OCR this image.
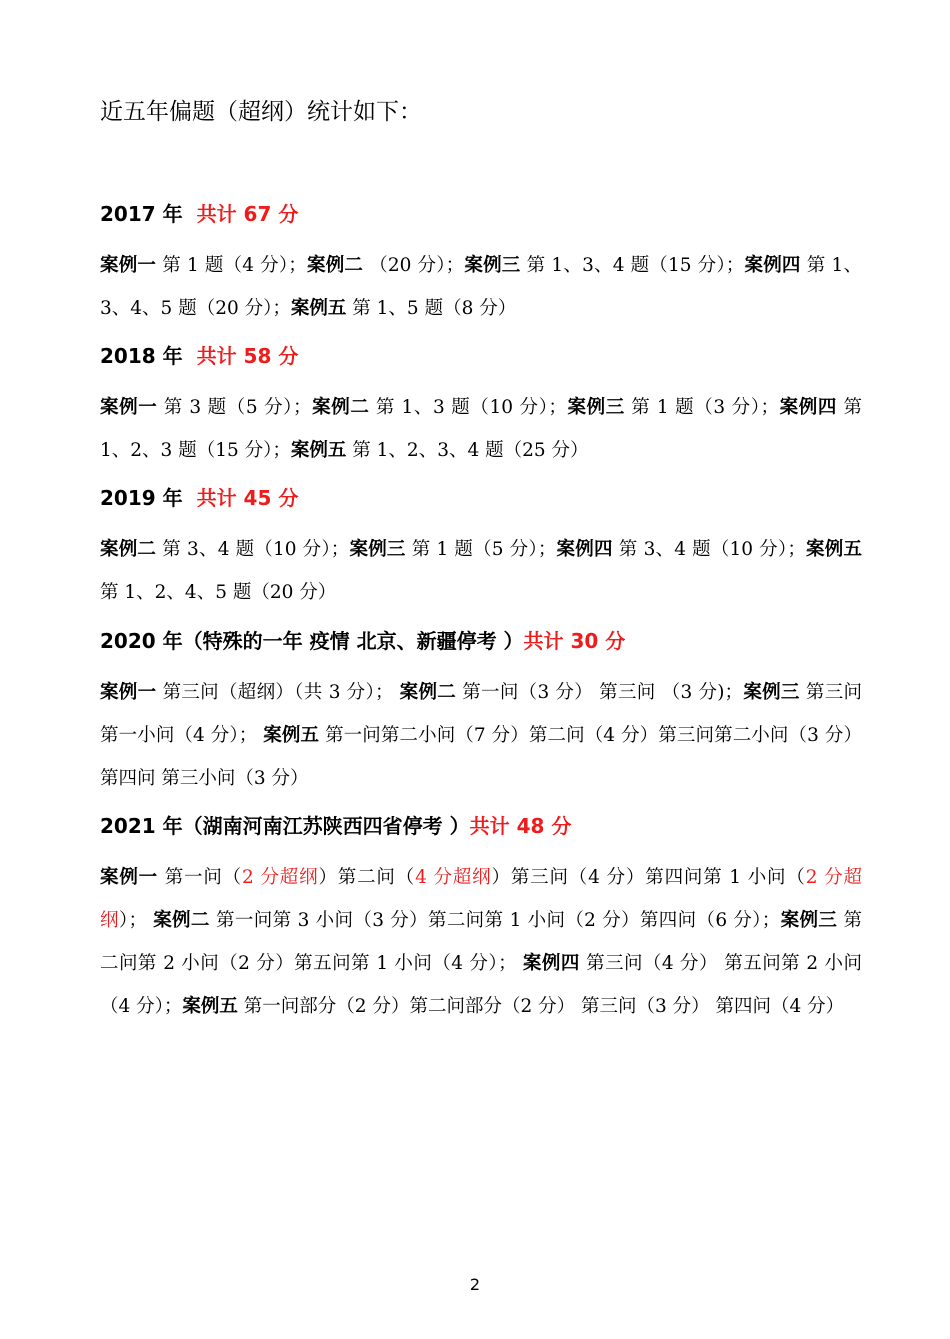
近五年偏题（超纲）统计如下：
2017 年 共计 67 分
案例一 第 1 题（4 分）；案例二 （20 分）；案例三 第 1、3、4 题（15 分）；案例四 第 1、3、4、5 题（20 分）；案例五 第 1、5 题（8 分）
2018 年 共计 58 分
案例一 第 3 题（5 分）；案例二 第 1、3 题（10 分）；案例三 第 1 题（3 分）；案例四 第 1、2、3 题（15 分）；案例五 第 1、2、3、4 题（25 分）
2019 年 共计 45 分
案例二 第 3、4 题（10 分）；案例三 第 1 题（5 分）；案例四 第 3、4 题（10 分）；案例五 第 1、2、4、5 题（20 分）
2020 年（特殊的一年 疫情 北京、新疆停考 ）共计 30 分
案例一 第三问（超纲）（共 3 分）； 案例二 第一问（3 分） 第三问 （3 分)；案例三 第三问第一小问（4 分）； 案例五 第一问第二小问（7 分）第二问（4 分）第三问第二小问（3 分） 第四问 第三小问（3 分）
2021 年（湖南河南江苏陕西四省停考 ）共计 48 分
案例一 第一问（2 分超纲）第二问（4 分超纲）第三问（4 分）第四问第 1 小问（2 分超纲）； 案例二 第一问第 3 小问（3 分）第二问第 1 小问（2 分）第四问（6 分）；案例三 第二问第 2 小问（2 分）第五问第 1 小问（4 分）； 案例四 第三问（4 分） 第五问第 2 小问（4 分）；案例五 第一问部分（2 分）第二问部分（2 分） 第三问（3 分） 第四问（4 分）
2
